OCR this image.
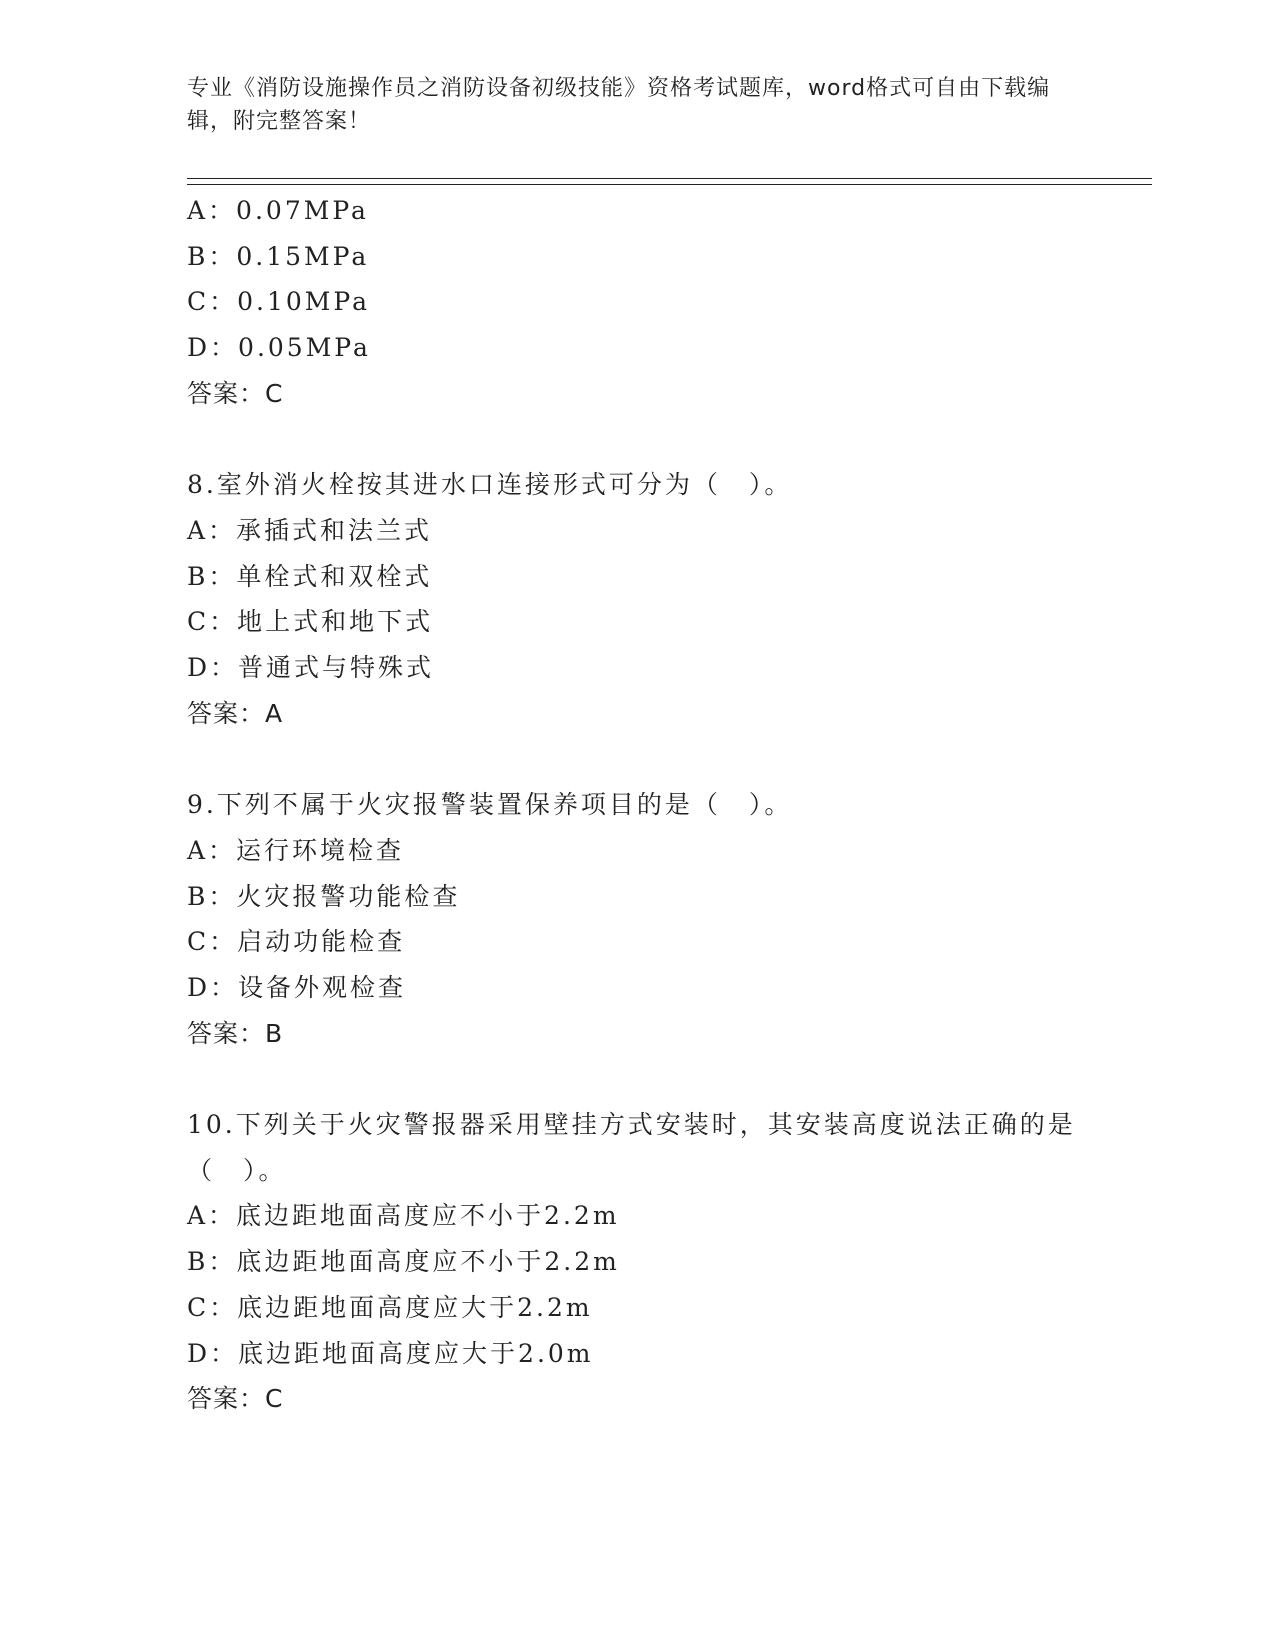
专业《消防设施操作员之消防设备初级技能》资格考试题库，word格式可自由下载编辑，附完整答案！
A：0.07MPa
B：0.15MPa
C：0.10MPa
D：0.05MPa
答案：C
8.室外消火栓按其进水口连接形式可分为（　）。
A：承插式和法兰式
B：单栓式和双栓式
C：地上式和地下式
D：普通式与特殊式
答案：A
9.下列不属于火灾报警装置保养项目的是（　）。
A：运行环境检查
B：火灾报警功能检查
C：启动功能检查
D：设备外观检查
答案：B
10.下列关于火灾警报器采用壁挂方式安装时，其安装高度说法正确的是（　）。
A：底边距地面高度应不小于2.2m
B：底边距地面高度应不小于2.2m
C：底边距地面高度应大于2.2m
D：底边距地面高度应大于2.0m
答案：C
